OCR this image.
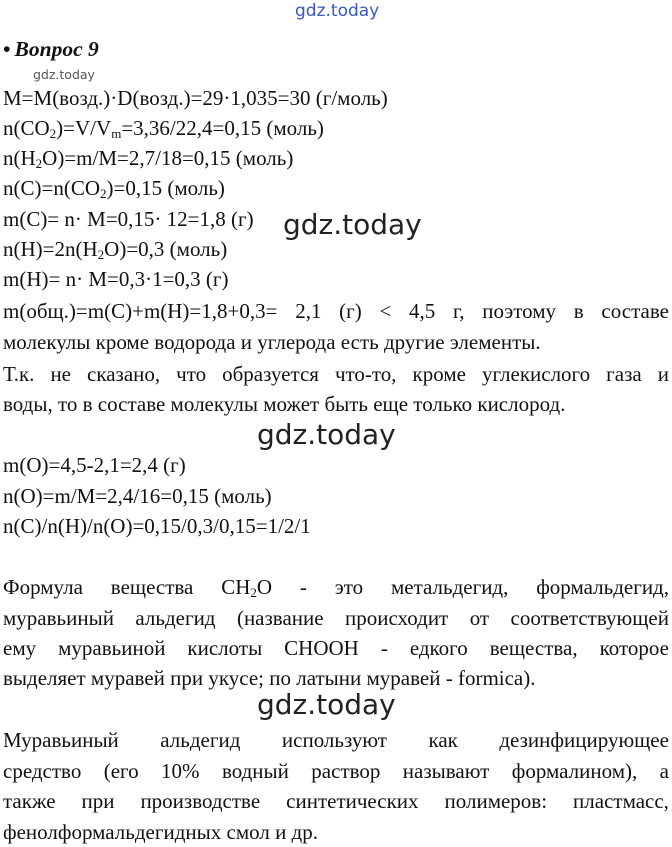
gdz.today
gdz.today
gdz.today
gdz.today
gdz.today
• Вопрос 9
M=M(возд.)·D(возд.)=29·1,035=30 (г/моль)
$n(CO_2)=V/V_m=3,36/22,4=0,15$ (моль)
$n(H_2O)=m/M=2,7/18=0,15$ (моль)
$n(C)=n(CO_2)=0,15$ (моль)
m(C)= n· M=0,15· 12=1,8 (г)
$n(H)=2n(H_2O)=0,3$ (моль)
m(H)= n· M=0,3·1=0,3 (г)
m(общ.)=m(C)+m(H)=1,8+0,3= 2,1 (г) < 4,5 г, поэтому в составе
молекулы кроме водорода и углерода есть другие элементы.
Т.к. не сказано, что образуется что-то, кроме углекислого газа и
воды, то в составе молекулы может быть еще только кислород.
m(O)=4,5-2,1=2,4 (г)
n(O)=m/M=2,4/16=0,15 (моль)
n(C)/n(H)/n(O)=0,15/0,3/0,15=1/2/1
Формула вещества $CH_2O$ - это метальдегид, формальдегид,
муравьиный альдегид (название происходит от соответствующей
ему муравьиной кислоты CHOOH - едкого вещества, которое
выделяет муравей при укусе; по латыни муравей - formica).
Муравьиный альдегид используют как дезинфицирующее
средство (его 10% водный раствор называют формалином), а
также при производстве синтетических полимеров: пластмасс,
фенолформальдегидных смол и др.
